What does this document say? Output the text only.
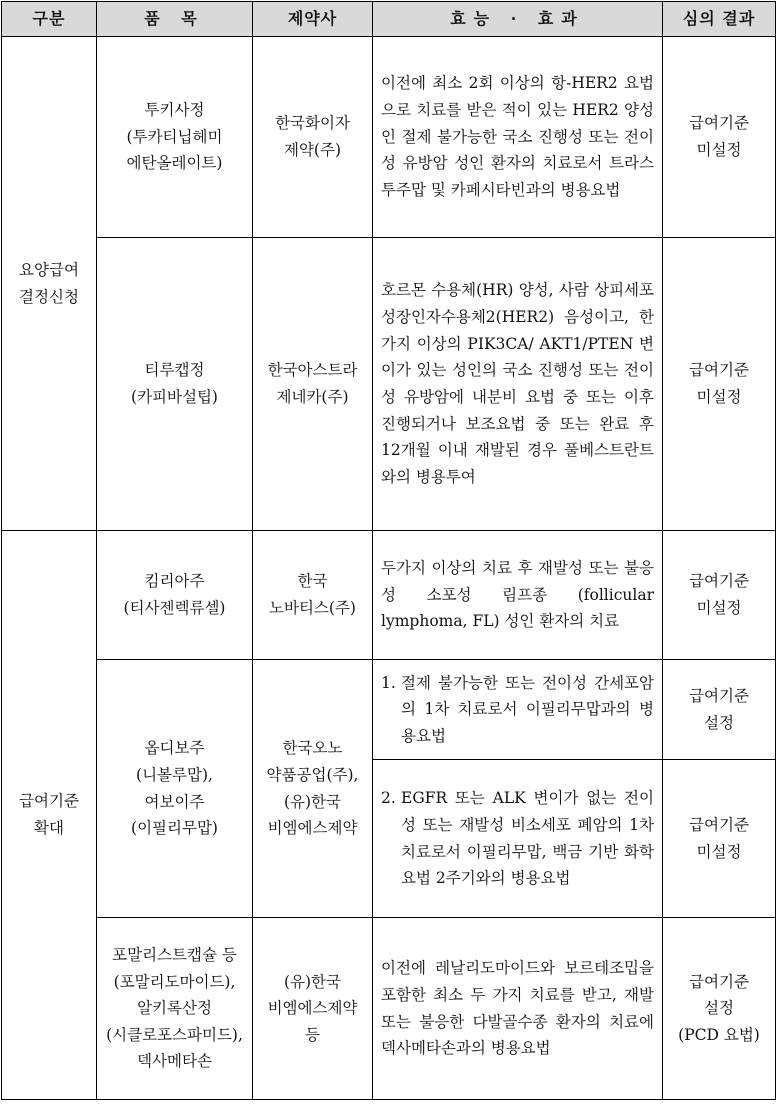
구분	품 목	제약사	효능 · 효과	심의 결과

요양급여
결정신청	투키사정
(투카티닙헤미
에탄올레이트)	한국화이자
제약(주)	이전에 최소 2회 이상의 항-HER2 요법으로 치료를 받은 적이 있는 HER2 양성인 절제 불가능한 국소 진행성 또는 전이성 유방암 성인 환자의 치료로서 트라스투주맙 및 카페시타빈과의 병용요법	급여기준
미설정

	티루캡정
(카피바설팁)	한국아스트라
제네카(주)	호르몬 수용체(HR) 양성, 사람 상피세포성장인자수용체2(HER2) 음성이고, 한 가지 이상의 PIK3CA/ AKT1/PTEN 변이가 있는 성인의 국소 진행성 또는 전이성 유방암에 내분비 요법 중 또는 이후 진행되거나 보조요법 중 또는 완료 후 12개월 이내 재발된 경우 풀베스트란트와의 병용투여	급여기준
미설정

급여기준
확대	킴리아주
(티사젠렉류셀)	한국
노바티스(주)	두가지 이상의 치료 후 재발성 또는 불응성 소포성 림프종 (follicular lymphoma, FL) 성인 환자의 치료	급여기준
미설정

	옵디보주
(니볼루맙),
여보이주
(이필리무맙)	한국오노
약품공업(주),
(유)한국
비엠에스제약	1. 절제 불가능한 또는 전이성 간세포암의 1차 치료로서 이필리무맙과의 병용요법	급여기준
설정

			2. EGFR 또는 ALK 변이가 없는 전이성 또는 재발성 비소세포 폐암의 1차 치료로서 이필리무맙, 백금 기반 화학요법 2주기와의 병용요법	급여기준
미설정

	포말리스트캡슐 등
(포말리도마이드),
알키록산정
(시클로포스파미드),
덱사메타손	(유)한국
비엠에스제약
등	이전에 레날리도마이드와 보르테조밉을 포함한 최소 두 가지 치료를 받고, 재발 또는 불응한 다발골수종 환자의 치료에 덱사메타손과의 병용요법	급여기준
설정
(PCD 요법)
